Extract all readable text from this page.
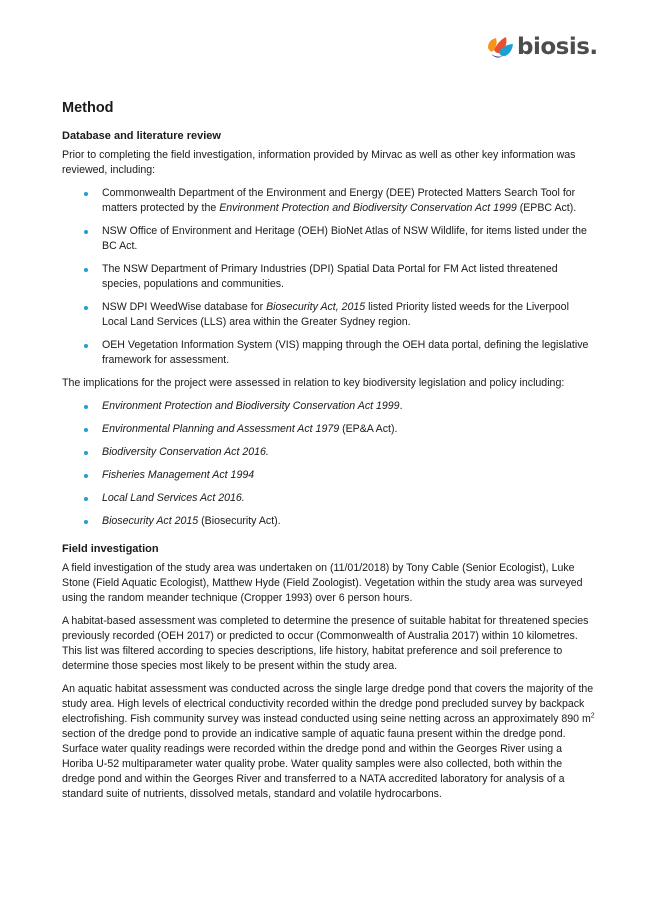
biosis.
Method
Database and literature review

Prior to completing the field investigation, information provided by Mirvac as well as other key information was reviewed, including:

Commonwealth Department of the Environment and Energy (DEE) Protected Matters Search Tool for matters protected by the Environment Protection and Biodiversity Conservation Act 1999 (EPBC Act).
NSW Office of Environment and Heritage (OEH) BioNet Atlas of NSW Wildlife, for items listed under the BC Act.
The NSW Department of Primary Industries (DPI) Spatial Data Portal for FM Act listed threatened species, populations and communities.
NSW DPI WeedWise database for Biosecurity Act, 2015 listed Priority listed weeds for the Liverpool Local Land Services (LLS) area within the Greater Sydney region.
OEH Vegetation Information System (VIS) mapping through the OEH data portal, defining the legislative framework for assessment.

The implications for the project were assessed in relation to key biodiversity legislation and policy including:

Environment Protection and Biodiversity Conservation Act 1999.
Environmental Planning and Assessment Act 1979 (EP&A Act).
Biodiversity Conservation Act 2016.
Fisheries Management Act 1994
Local Land Services Act 2016.
Biosecurity Act 2015 (Biosecurity Act).
Field investigation

A field investigation of the study area was undertaken on (11/01/2018) by Tony Cable (Senior Ecologist), Luke Stone (Field Aquatic Ecologist), Matthew Hyde (Field Zoologist). Vegetation within the study area was surveyed using the random meander technique (Cropper 1993) over 6 person hours.

A habitat-based assessment was completed to determine the presence of suitable habitat for threatened species previously recorded (OEH 2017) or predicted to occur (Commonwealth of Australia 2017) within 10 kilometres. This list was filtered according to species descriptions, life history, habitat preference and soil preference to determine those species most likely to be present within the study area.

An aquatic habitat assessment was conducted across the single large dredge pond that covers the majority of the study area. High levels of electrical conductivity recorded within the dredge pond precluded survey by backpack electrofishing. Fish community survey was instead conducted using seine netting across an approximately 890 $m^2$ section of the dredge pond to provide an indicative sample of aquatic fauna present within the dredge pond. Surface water quality readings were recorded within the dredge pond and within the Georges River using a Horiba U-52 multiparameter water quality probe. Water quality samples were also collected, both within the dredge pond and within the Georges River and transferred to a NATA accredited laboratory for analysis of a standard suite of nutrients, dissolved metals, standard and volatile hydrocarbons.
